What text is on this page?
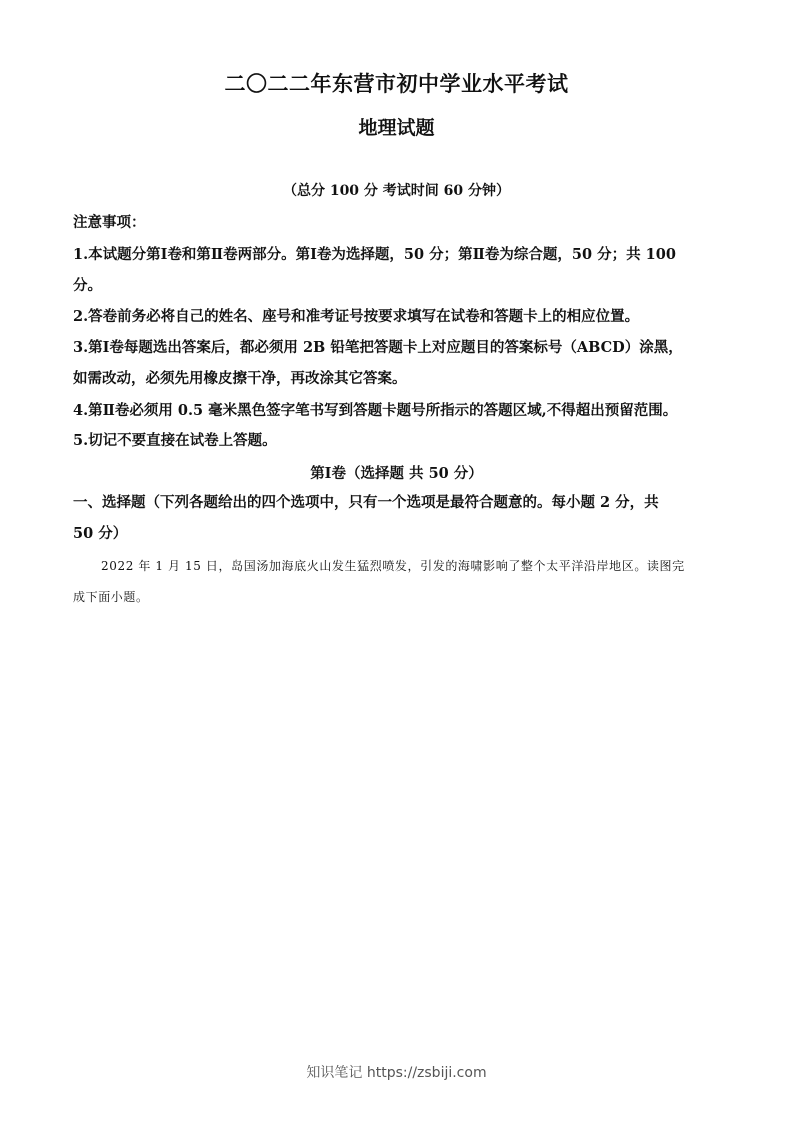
二〇二二年东营市初中学业水平考试
地理试题
（总分 100 分 考试时间 60 分钟）
注意事项：
1.本试题分第Ⅰ卷和第Ⅱ卷两部分。第Ⅰ卷为选择题，50 分；第Ⅱ卷为综合题，50 分；共 100
分。
2.答卷前务必将自己的姓名、座号和准考证号按要求填写在试卷和答题卡上的相应位置。
3.第Ⅰ卷每题选出答案后，都必须用 2B 铅笔把答题卡上对应题目的答案标号（ABCD）涂黑，
如需改动，必须先用橡皮擦干净，再改涂其它答案。
4.第Ⅱ卷必须用 0.5 毫米黑色签字笔书写到答题卡题号所指示的答题区域,不得超出预留范围。
5.切记不要直接在试卷上答题。
第Ⅰ卷（选择题 共 50 分）
一、选择题（下列各题给出的四个选项中，只有一个选项是最符合题意的。每小题 2 分，共
50 分）
2022 年 1 月 15 日，岛国汤加海底火山发生猛烈喷发，引发的海啸影响了整个太平洋沿岸地区。读图完
成下面小题。
知识笔记 https://zsbiji.com
